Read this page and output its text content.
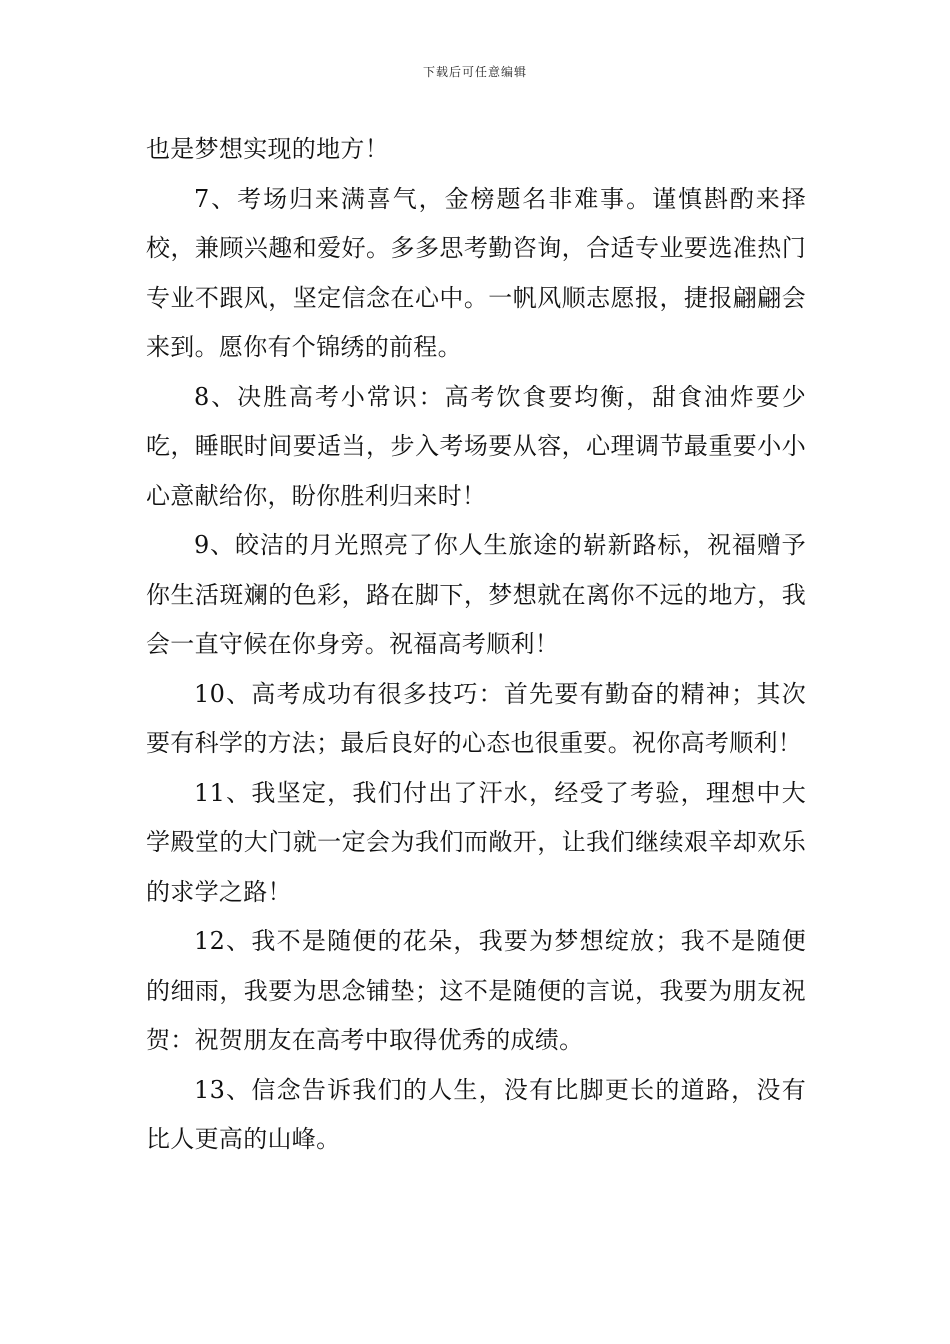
下载后可任意编辑

也是梦想实现的地方！

7、考场归来满喜气，金榜题名非难事。谨慎斟酌来择校，兼顾兴趣和爱好。多多思考勤咨询，合适专业要选准热门专业不跟风，坚定信念在心中。一帆风顺志愿报，捷报翩翩会来到。愿你有个锦绣的前程。

8、决胜高考小常识：高考饮食要均衡，甜食油炸要少吃，睡眠时间要适当，步入考场要从容，心理调节最重要小小心意献给你，盼你胜利归来时！

9、皎洁的月光照亮了你人生旅途的崭新路标，祝福赠予你生活斑斓的色彩，路在脚下，梦想就在离你不远的地方，我会一直守候在你身旁。祝福高考顺利！

10、高考成功有很多技巧：首先要有勤奋的精神；其次要有科学的方法；最后良好的心态也很重要。祝你高考顺利！

11、我坚定，我们付出了汗水，经受了考验，理想中大学殿堂的大门就一定会为我们而敞开，让我们继续艰辛却欢乐的求学之路！

12、我不是随便的花朵，我要为梦想绽放；我不是随便的细雨，我要为思念铺垫；这不是随便的言说，我要为朋友祝贺：祝贺朋友在高考中取得优秀的成绩。

13、信念告诉我们的人生，没有比脚更长的道路，没有比人更高的山峰。
